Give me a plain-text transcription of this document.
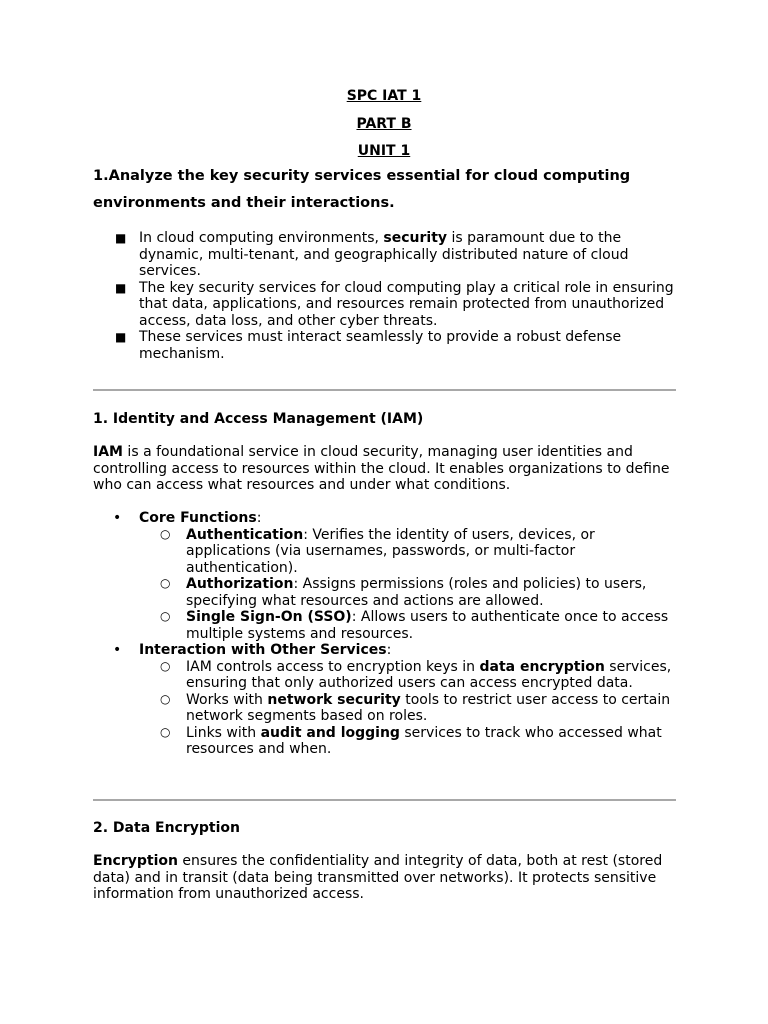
SPC IAT 1
PART B
UNIT 1
1.Analyze the key security services essential for cloud computing
environments and their interactions.
■ In cloud computing environments, security is paramount due to the dynamic, multi-tenant, and geographically distributed nature of cloud services.
■ The key security services for cloud computing play a critical role in ensuring that data, applications, and resources remain protected from unauthorized access, data loss, and other cyber threats.
■ These services must interact seamlessly to provide a robust defense mechanism.
1. Identity and Access Management (IAM)
IAM is a foundational service in cloud security, managing user identities and controlling access to resources within the cloud. It enables organizations to define who can access what resources and under what conditions.
• Core Functions:
○ Authentication: Verifies the identity of users, devices, or applications (via usernames, passwords, or multi-factor authentication).
○ Authorization: Assigns permissions (roles and policies) to users, specifying what resources and actions are allowed.
○ Single Sign-On (SSO): Allows users to authenticate once to access multiple systems and resources.
• Interaction with Other Services:
○ IAM controls access to encryption keys in data encryption services, ensuring that only authorized users can access encrypted data.
○ Works with network security tools to restrict user access to certain network segments based on roles.
○ Links with audit and logging services to track who accessed what resources and when.
2. Data Encryption
Encryption ensures the confidentiality and integrity of data, both at rest (stored data) and in transit (data being transmitted over networks). It protects sensitive information from unauthorized access.
